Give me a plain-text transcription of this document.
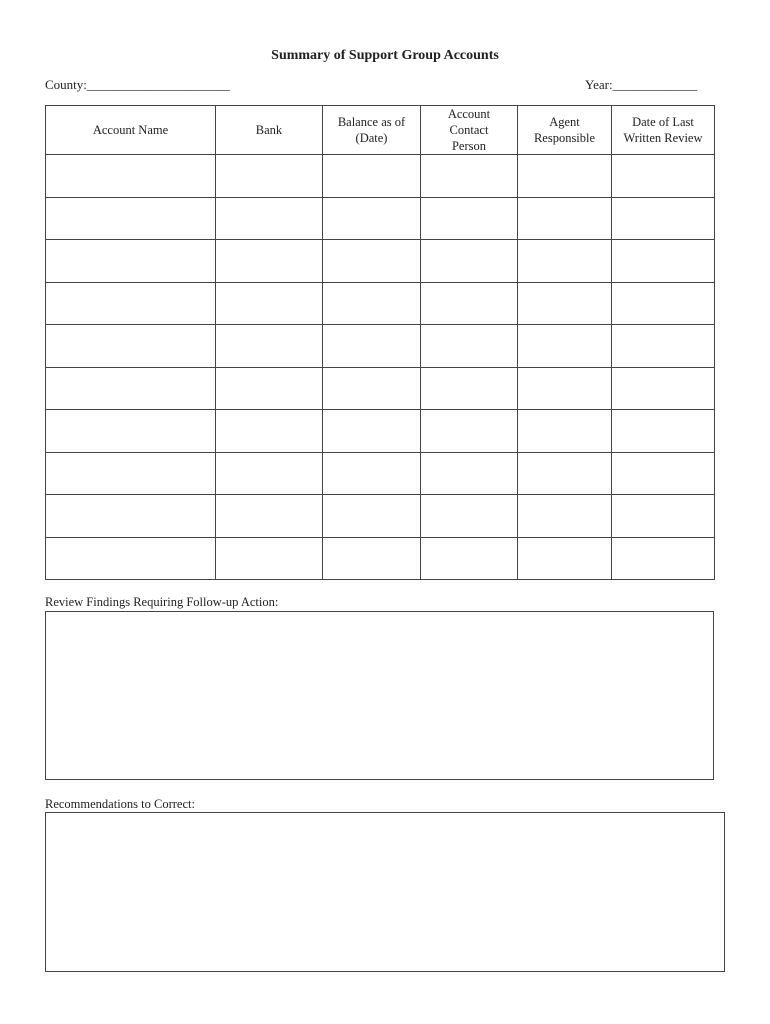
Summary of Support Group Accounts
County:______________________	Year:_____________
Account Name	Bank	Balance as of (Date)	Account Contact Person	Agent Responsible	Date of Last Written Review

Review Findings Requiring Follow-up Action:
Recommendations to Correct:
